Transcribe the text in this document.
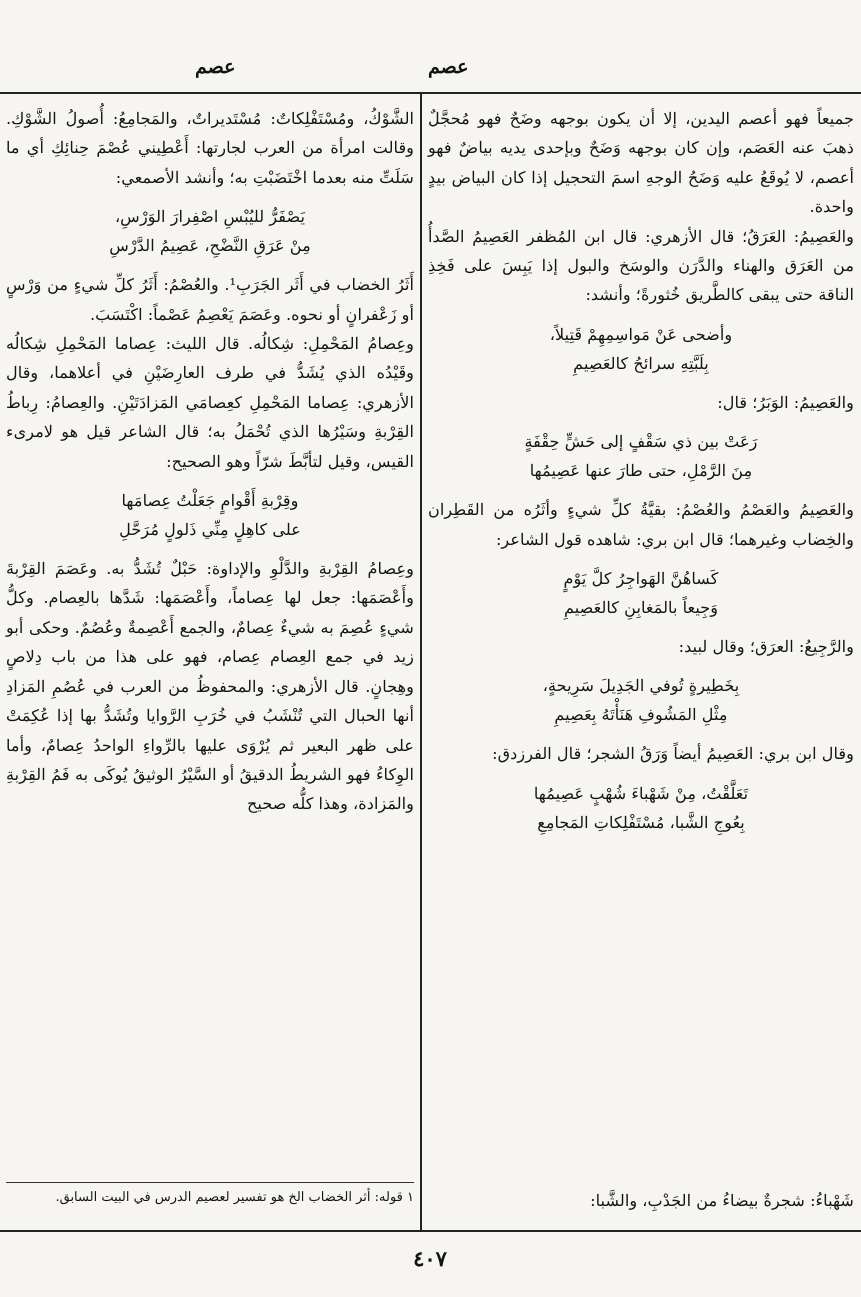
عصم
عصم

جميعاً فهو أعصم اليدين، إلا أن يكون بوجهه وضَحٌ فهو مُحجَّلٌ ذهبَ عنه العَصَم، وإن كان بوجهه وَضَحٌ وبإحدى يديه بياضٌ فهو أعصم، لا يُوقَعُ عليه وَضَحُ الوجهِ اسمَ التحجيل إذا كان البياض بيدٍ واحدة.

والعَصِيمُ: العَرَقُ؛ قال الأزهري: قال ابن المُظفر العَصِيمُ الصَّدأُ من العَرَق والهناء والدَّرَن والوسَخ والبول إذا يَبِسَ على فَخِذِ الناقة حتى يبقى كالطَّريق خُثورةً؛ وأنشد:

وأضحى عَنْ مَواسِمِهِمْ قَتِيلاً،
بِلَبَّتِهِ سرائحُ كالعَصِيمِ

والعَصِيمُ: الوَبَرُ؛ قال:

رَعَتْ بين ذي سَقْفٍ إلى حَشٍّ حِقْفَةٍ
مِنَ الرَّمْلِ، حتى طارَ عنها عَصِيمُها

والعَصِيمُ والعَصْمُ والعُصْمُ: بقيَّةُ كلِّ شيءٍ وأثَرُه من القَطِران والخِضاب وغيرهما؛ قال ابن بري: شاهده قول الشاعر:

كَساهُنَّ الهَواجِرُ كلَّ يَوْمٍ
وَجِيعاً بالمَغابِنِ كالعَصِيمِ

والرَّجِيعُ: العرَق؛ وقال لبيد:

بِخَطِيرةٍ تُوفي الجَدِيلَ سَرِيحةٍ،
مِثْلِ المَشُوفِ هَنَأْتَهُ بِعَصِيمِ

وقال ابن بري: العَصِيمُ أيضاً وَرَقُ الشجر؛ قال الفرزدق:

تَعَلَّقْتُ، مِنْ شَهْباءَ شُهْبٍ عَصِيمُها
بِعُوجِ الشَّبا، مُسْتَفْلِكاتِ المَجامِعِ
شَهْباءُ: شجرةٌ بيضاءُ من الجَدْبِ، والشَّبا:

الشَّوْكُ، ومُسْتَفْلِكاتٌ: مُسْتَديراتٌ، والمَجامِعُ: أُصولُ الشَّوْكِ. وقالت امرأة من العرب لجارتها: أَعْطِيني عُصْمَ حِنائِكِ أي ما سَلَتِّ منه بعدما اخْتَضَبْتِ به؛ وأنشد الأصمعي:

يَصْفَرُّ لليُبْسِ اصْفِرارَ الوَرْسِ،
مِنْ عَرَقِ النَّضْحِ، عَصِيمُ الدَّرْسِ

أَثَرُ الخضاب في أَثَر الجَرَبِ¹. والعُصْمُ: أَثَرُ كلِّ شيءٍ من وَرْسٍ أو زَعْفرانٍ أو نحوه. وعَصَمَ يَعْصِمُ عَصْماً: اكْتَسَبَ.

وعِصامُ المَحْمِلِ: شِكالُه. قال الليث: عِصاما المَحْمِلِ شِكالُه وقَيْدُه الذي يُشَدُّ في طرف العارِضَيْنِ في أعلاهما، وقال الأزهري: عِصاما المَحْمِلِ كعِصامَي المَزادَتَيْنِ. والعِصامُ: رِباطُ القِرْبةِ وسَيْرُها الذي تُحْمَلُ به؛ قال الشاعر قيل هو لامرىء القيس، وقيل لتأبَّطَ شرّاً وهو الصحيح:

وقِرْبةِ أَقْوامٍ جَعَلْتُ عِصامَها
على كاهِلٍ مِنِّي ذَلولٍ مُرَحَّلِ

وعِصامُ القِرْبةِ والدَّلْوِ والإداوة: حَبْلٌ تُشَدُّ به. وعَصَمَ القِرْبةَ وأَعْصَمَها: جعل لها عِصاماً، وأَعْصَمَها: شَدَّها بالعِصام. وكلُّ شيءٍ عُصِمَ به شيءٌ عِصامٌ، والجمع أَعْصِمةٌ وعُصُمٌ. وحكى أبو زيد في جمع العِصام عِصام، فهو على هذا من باب دِلاصٍ وهِجانٍ. قال الأزهري: والمحفوظُ من العرب في عُصُمِ المَزادِ أنها الحبال التي تُنْشَبُ في خُرَبِ الرَّوايا وتُشَدُّ بها إذا عُكِمَتْ على ظهر البعير ثم يُرْوَى عليها بالرِّواءِ الواحدُ عِصامٌ، وأما الوِكاءُ فهو الشريطُ الدقيقُ أو السَّيْرُ الوثيقُ يُوكَى به فَمُ القِرْبةِ والمَزادة، وهذا كلُّه صحيح

١ قوله: أثر الخضاب الخ هو تفسير لعصيم الدرس في البيت السابق.
٤٠٧
